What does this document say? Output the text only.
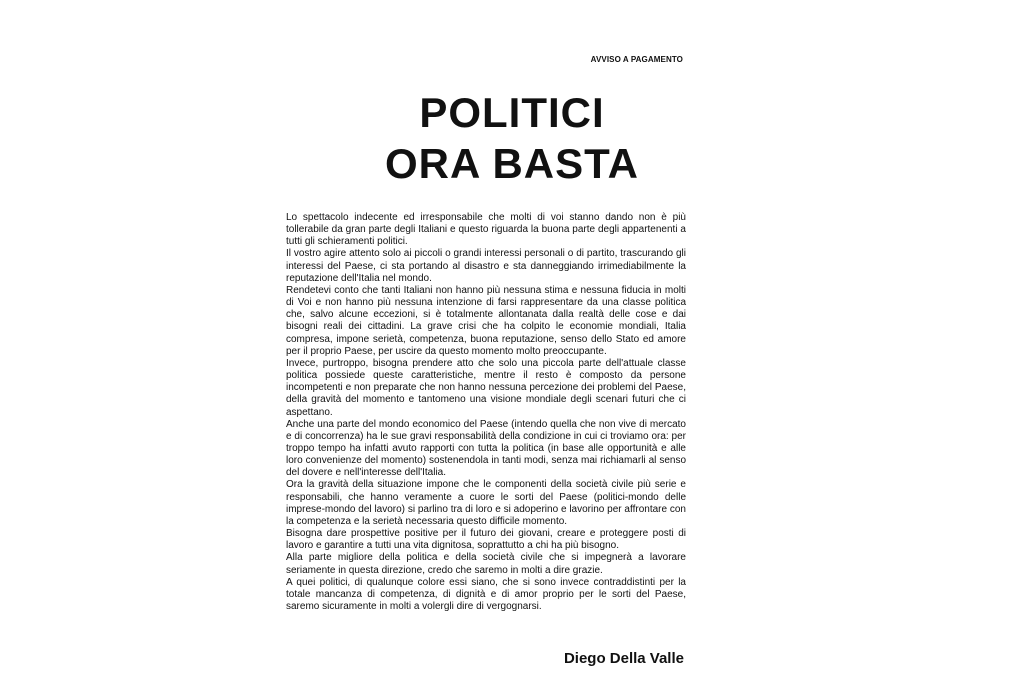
AVVISO A PAGAMENTO
POLITICI
ORA BASTA

Lo spettacolo indecente ed irresponsabile che molti di voi stanno dando non è più tollerabile da gran parte degli Italiani e questo riguarda la buona parte degli appartenenti a tutti gli schieramenti politici.

Il vostro agire attento solo ai piccoli o grandi interessi personali o di partito, trascurando gli interessi del Paese, ci sta portando al disastro e sta danneggiando irrimediabilmente la reputazione dell'Italia nel mondo.

Rendetevi conto che tanti Italiani non hanno più nessuna stima e nessuna fiducia in molti di Voi e non hanno più nessuna intenzione di farsi rappresentare da una classe politica che, salvo alcune eccezioni, si è totalmente allontanata dalla realtà delle cose e dai bisogni reali dei cittadini. La grave crisi che ha colpito le economie mondiali, Italia compresa, impone serietà, competenza, buona reputazione, senso dello Stato ed amore per il proprio Paese, per uscire da questo momento molto preoccupante.

Invece, purtroppo, bisogna prendere atto che solo una piccola parte dell'attuale classe politica possiede queste caratteristiche, mentre il resto è composto da persone incompetenti e non preparate che non hanno nessuna percezione dei problemi del Paese, della gravità del momento e tantomeno una visione mondiale degli scenari futuri che ci aspettano.

Anche una parte del mondo economico del Paese (intendo quella che non vive di mercato e di concorrenza) ha le sue gravi responsabilità della condizione in cui ci troviamo ora: per troppo tempo ha infatti avuto rapporti con tutta la politica (in base alle opportunità e alle loro convenienze del momento) sostenendola in tanti modi, senza mai richiamarli al senso del dovere e nell'interesse dell'Italia.

Ora la gravità della situazione impone che le componenti della società civile più serie e responsabili, che hanno veramente a cuore le sorti del Paese (politici-mondo delle imprese-mondo del lavoro) si parlino tra di loro e si adoperino e lavorino per affrontare con la competenza e la serietà necessaria questo difficile momento.

Bisogna dare prospettive positive per il futuro dei giovani, creare e proteggere posti di lavoro e garantire a tutti una vita dignitosa, soprattutto a chi ha più bisogno.

Alla parte migliore della politica e della società civile che si impegnerà a lavorare seriamente in questa direzione, credo che saremo in molti a dire grazie.

A quei politici, di qualunque colore essi siano, che si sono invece contraddistinti per la totale mancanza di competenza, di dignità e di amor proprio per le sorti del Paese, saremo sicuramente in molti a volergli dire di vergognarsi.

Diego Della Valle
